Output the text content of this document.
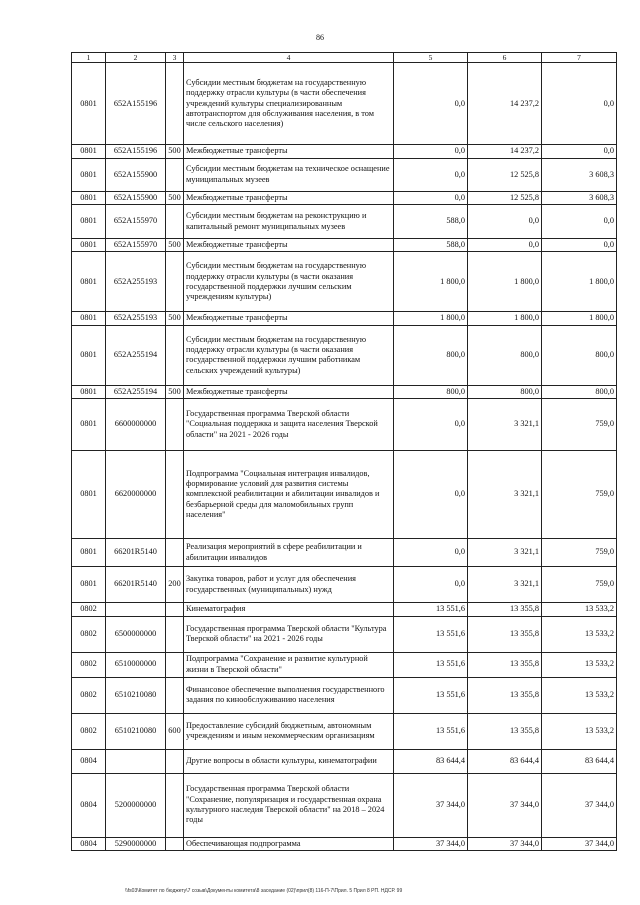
86
1	2	3	4	5	6	7
0801	652A155196		Субсидии местным бюджетам на государственную поддержку отрасли культуры (в части обеспечения учреждений культуры специализированным автотранспортом для обслуживания населения, в том числе сельского населения)	0,0	14 237,2	0,0
0801	652A155196	500	Межбюджетные трансферты	0,0	14 237,2	0,0
0801	652A155900		Субсидии местным бюджетам на техническое оснащение муниципальных музеев	0,0	12 525,8	3 608,3
0801	652A155900	500	Межбюджетные трансферты	0,0	12 525,8	3 608,3
0801	652A155970		Субсидии местным бюджетам на реконструкцию и капитальный ремонт муниципальных музеев	588,0	0,0	0,0
0801	652A155970	500	Межбюджетные трансферты	588,0	0,0	0,0
0801	652A255193		Субсидии местным бюджетам на государственную поддержку отрасли культуры (в части оказания государственной поддержки лучшим сельским учреждениям культуры)	1 800,0	1 800,0	1 800,0
0801	652A255193	500	Межбюджетные трансферты	1 800,0	1 800,0	1 800,0
0801	652A255194		Субсидии местным бюджетам на государственную поддержку отрасли культуры (в части оказания государственной поддержки лучшим работникам сельских учреждений культуры)	800,0	800,0	800,0
0801	652A255194	500	Межбюджетные трансферты	800,0	800,0	800,0
0801	6600000000		Государственная программа Тверской области "Социальная поддержка и защита населения Тверской области" на 2021 - 2026 годы	0,0	3 321,1	759,0
0801	6620000000		Подпрограмма "Социальная интеграция инвалидов, формирование условий для развития системы комплексной реабилитации и абилитации инвалидов и безбарьерной среды для маломобильных групп населения"	0,0	3 321,1	759,0
0801	66201R5140		Реализация мероприятий в сфере реабилитации и абилитации инвалидов	0,0	3 321,1	759,0
0801	66201R5140	200	Закупка товаров, работ и услуг для обеспечения государственных (муниципальных) нужд	0,0	3 321,1	759,0
0802			Кинематография	13 551,6	13 355,8	13 533,2
0802	6500000000		Государственная программа Тверской области "Культура Тверской области" на 2021 - 2026 годы	13 551,6	13 355,8	13 533,2
0802	6510000000		Подпрограмма "Сохранение и развитие культурной жизни в Тверской области"	13 551,6	13 355,8	13 533,2
0802	6510210080		Финансовое обеспечение выполнения государственного задания по кинообслуживанию населения	13 551,6	13 355,8	13 533,2
0802	6510210080	600	Предоставление субсидий бюджетным, автономным учреждениям и иным некоммерческим организациям	13 551,6	13 355,8	13 533,2
0804			Другие вопросы в области культуры, кинематографии	83 644,4	83 644,4	83 644,4
0804	5200000000		Государственная программа Тверской области "Сохранение, популяризация и государственная охрана культурного наследия Тверской области" на 2018 – 2024 годы	37 344,0	37 344,0	37 344,0
0804	5290000000		Обеспечивающая подпрограмма	37 344,0	37 344,0	37 344,0
\\fs03\Комитет по бюджету\7 созыв\Документы комитета\8 заседание (02)\прил(8) 116-П-7\Прил. 5 Прил 8 РП. НДСР. 99
